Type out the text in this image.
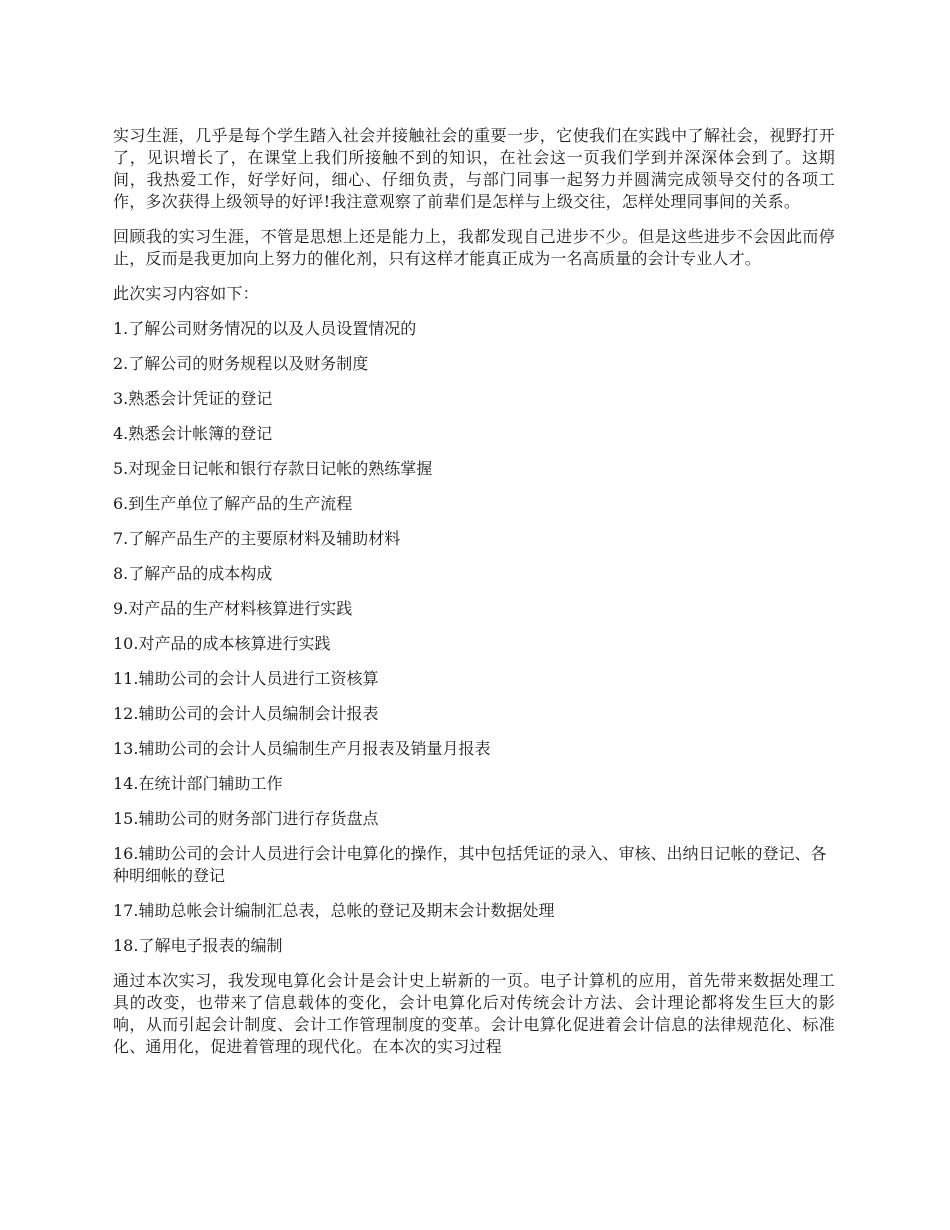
实习生涯，几乎是每个学生踏入社会并接触社会的重要一步，它使我们在实践中了解社会，视野打开了，见识增长了，在课堂上我们所接触不到的知识，在社会这一页我们学到并深深体会到了。这期间，我热爱工作，好学好问，细心、仔细负责，与部门同事一起努力并圆满完成领导交付的各项工作，多次获得上级领导的好评!我注意观察了前辈们是怎样与上级交往，怎样处理同事间的关系。

回顾我的实习生涯，不管是思想上还是能力上，我都发现自己进步不少。但是这些进步不会因此而停止，反而是我更加向上努力的催化剂，只有这样才能真正成为一名高质量的会计专业人才。

此次实习内容如下：

1.了解公司财务情况的以及人员设置情况的

2.了解公司的财务规程以及财务制度

3.熟悉会计凭证的登记

4.熟悉会计帐簿的登记

5.对现金日记帐和银行存款日记帐的熟练掌握

6.到生产单位了解产品的生产流程

7.了解产品生产的主要原材料及辅助材料

8.了解产品的成本构成

9.对产品的生产材料核算进行实践

10.对产品的成本核算进行实践

11.辅助公司的会计人员进行工资核算

12.辅助公司的会计人员编制会计报表

13.辅助公司的会计人员编制生产月报表及销量月报表

14.在统计部门辅助工作

15.辅助公司的财务部门进行存货盘点

16.辅助公司的会计人员进行会计电算化的操作，其中包括凭证的录入、审核、出纳日记帐的登记、各种明细帐的登记

17.辅助总帐会计编制汇总表，总帐的登记及期末会计数据处理

18.了解电子报表的编制

通过本次实习，我发现电算化会计是会计史上崭新的一页。电子计算机的应用，首先带来数据处理工具的改变，也带来了信息载体的变化，会计电算化后对传统会计方法、会计理论都将发生巨大的影响，从而引起会计制度、会计工作管理制度的变革。会计电算化促进着会计信息的法律规范化、标准化、通用化，促进着管理的现代化。在本次的实习过程
